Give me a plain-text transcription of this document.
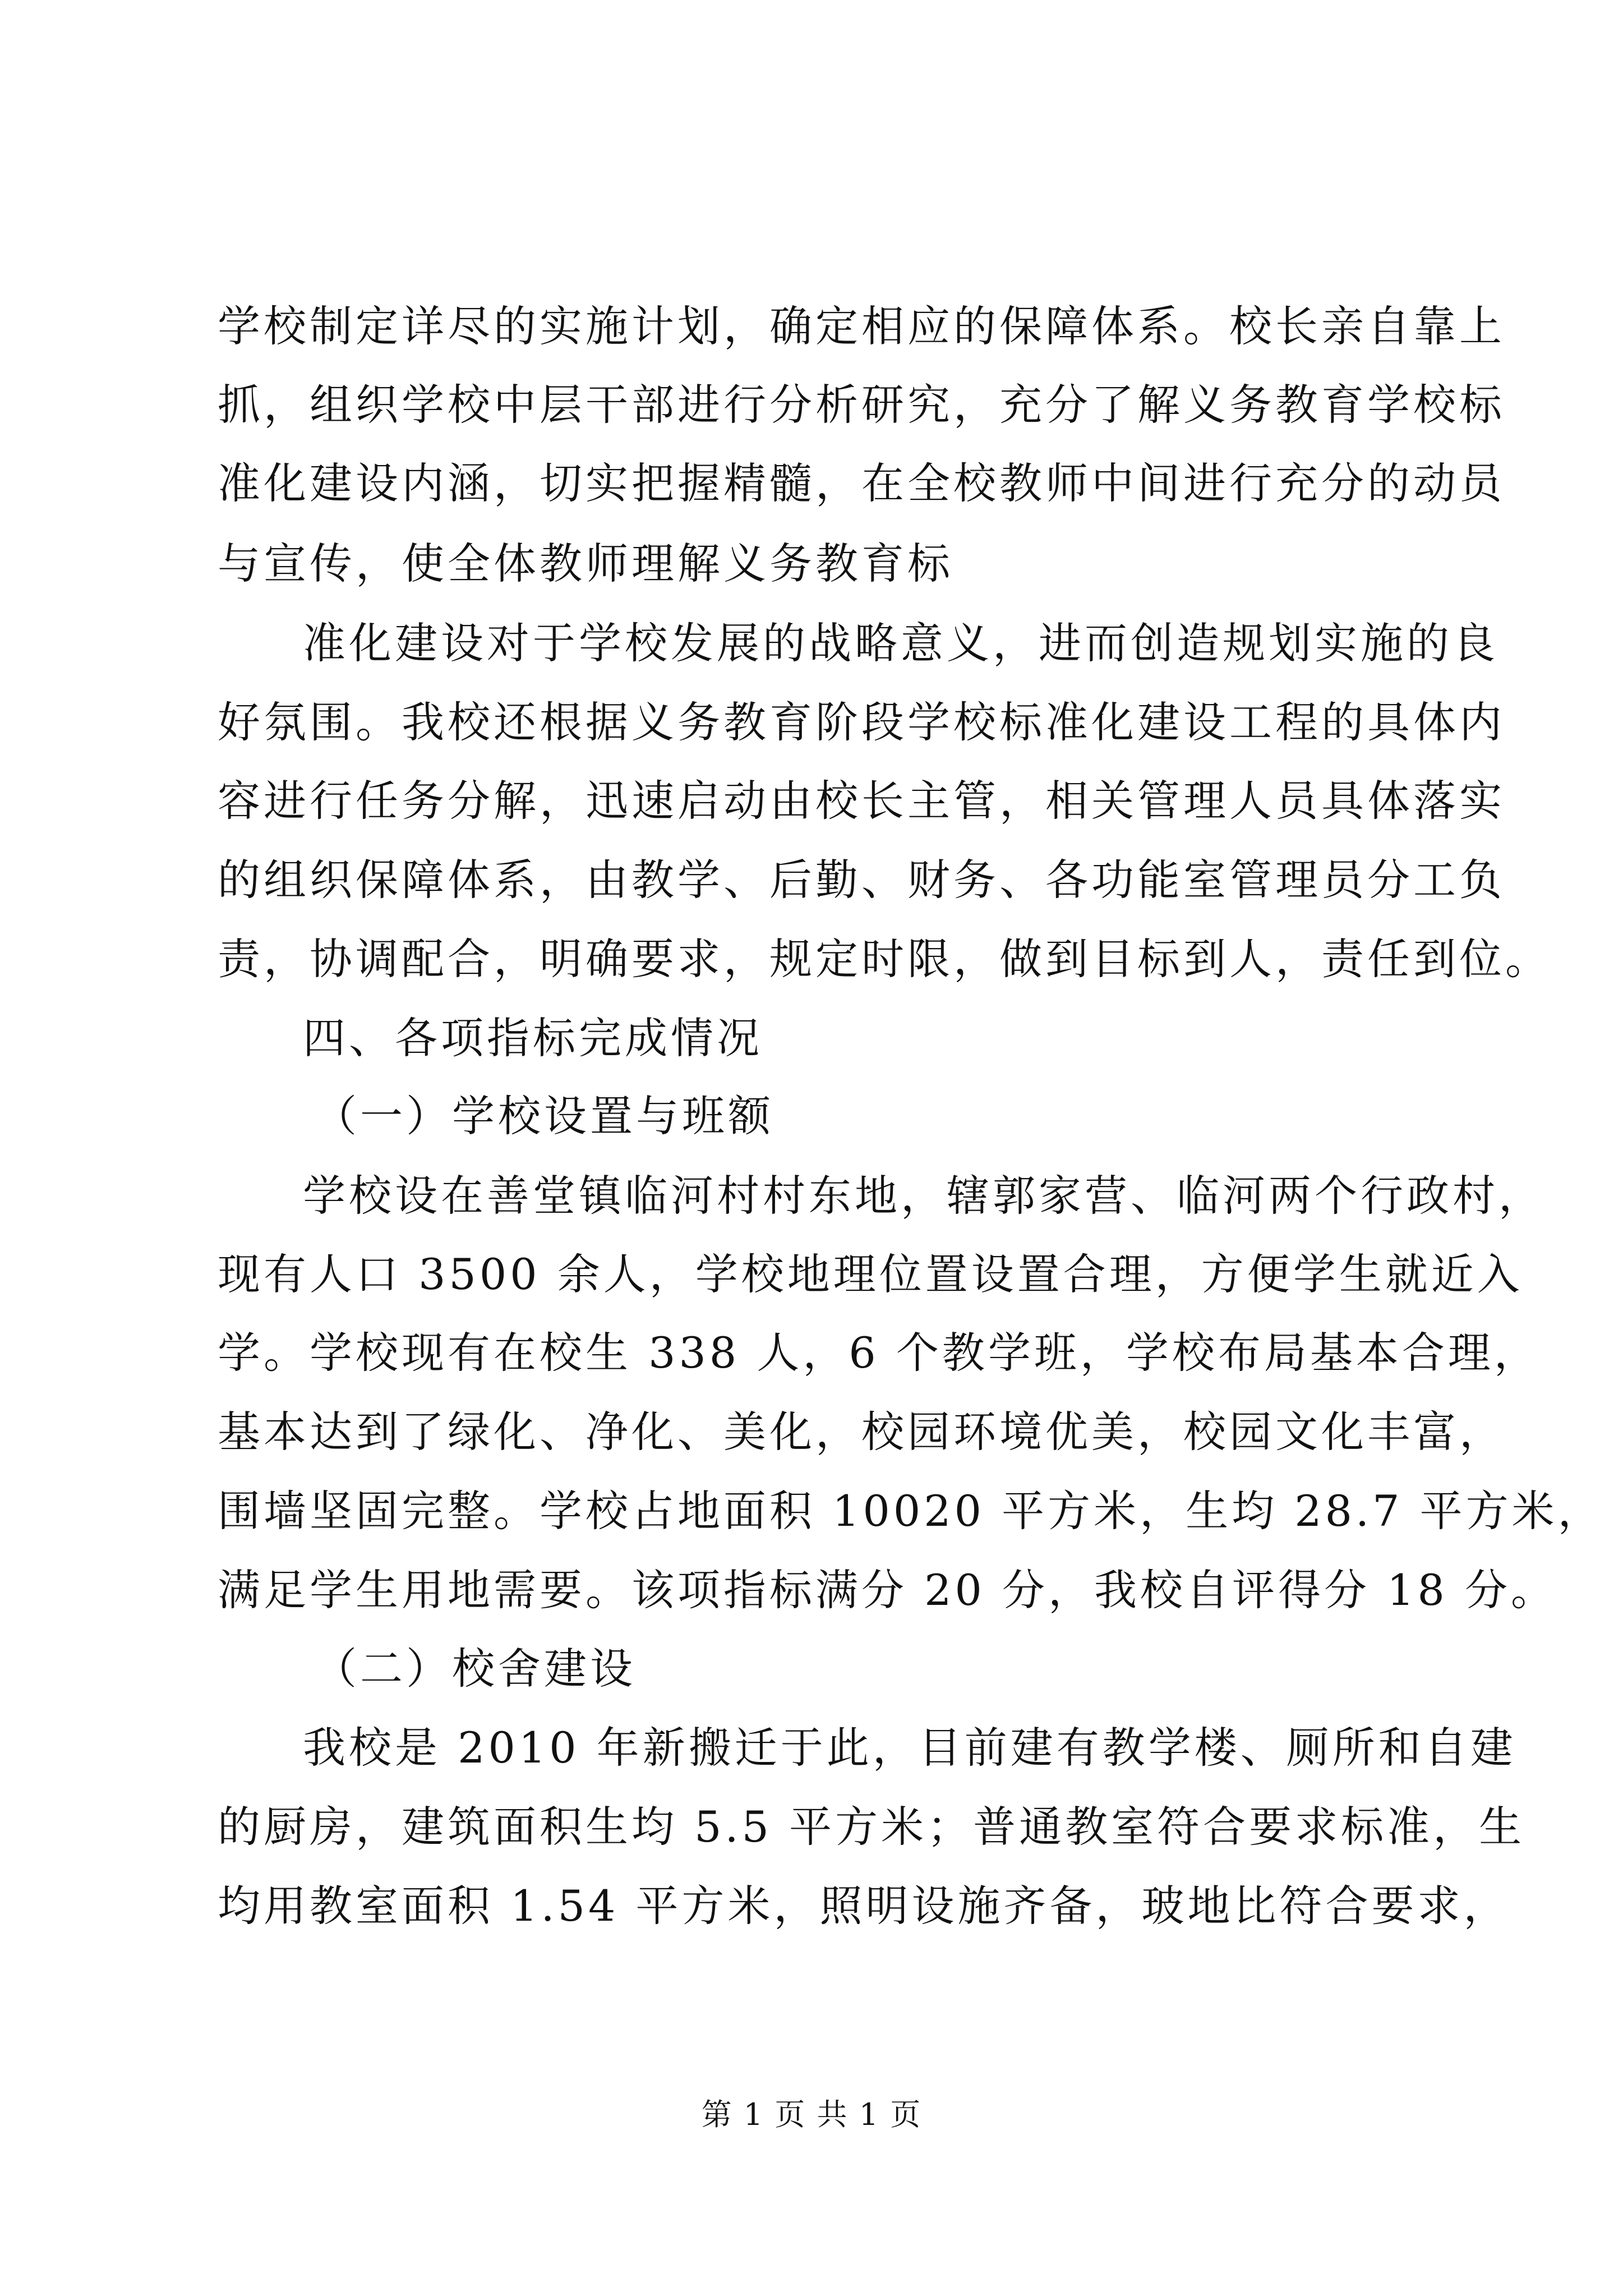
学校制定详尽的实施计划，确定相应的保障体系。校长亲自靠上
抓，组织学校中层干部进行分析研究，充分了解义务教育学校标
准化建设内涵，切实把握精髓，在全校教师中间进行充分的动员
与宣传，使全体教师理解义务教育标
准化建设对于学校发展的战略意义，进而创造规划实施的良
好氛围。我校还根据义务教育阶段学校标准化建设工程的具体内
容进行任务分解，迅速启动由校长主管，相关管理人员具体落实
的组织保障体系，由教学、后勤、财务、各功能室管理员分工负
责，协调配合，明确要求，规定时限，做到目标到人，责任到位。
四、各项指标完成情况
（一）学校设置与班额
学校设在善堂镇临河村村东地，辖郭家营、临河两个行政村，
现有人口 3500 余人，学校地理位置设置合理，方便学生就近入
学。学校现有在校生 338 人，6 个教学班，学校布局基本合理，
基本达到了绿化、净化、美化，校园环境优美，校园文化丰富，
围墙坚固完整。学校占地面积 10020 平方米，生均 28.7 平方米，
满足学生用地需要。该项指标满分 20 分，我校自评得分 18 分。
（二）校舍建设
我校是 2010 年新搬迁于此，目前建有教学楼、厕所和自建
的厨房，建筑面积生均 5.5 平方米；普通教室符合要求标准，生
均用教室面积 1.54 平方米，照明设施齐备，玻地比符合要求，
第 1 页 共 1 页
